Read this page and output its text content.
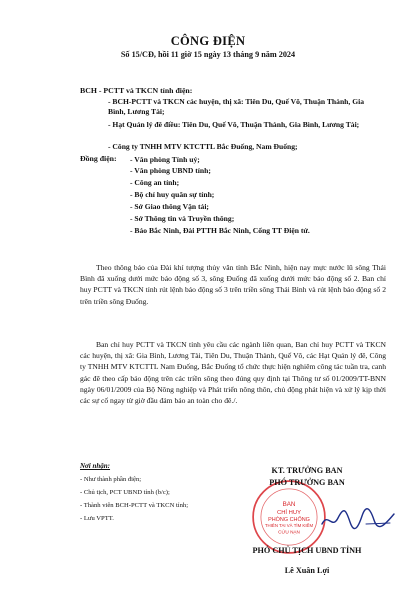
CÔNG ĐIỆN
Số 15/CĐ, hồi 11 giờ 15 ngày 13 tháng 9 năm 2024
BCH - PCTT và TKCN tỉnh điện:
- BCH-PCTT và TKCN các huyện, thị xã: Tiên Du, Quế Võ, Thuận Thành, Gia Bình, Lương Tài;
- Hạt Quản lý đê điều: Tiên Du, Quế Võ, Thuận Thành, Gia Bình, Lương Tài;
- Công ty TNHH MTV KTCTTL Bắc Đuống, Nam Đuống;
Đồng điện: - Văn phòng Tỉnh uỷ;
- Văn phòng UBND tỉnh;
- Công an tỉnh;
- Bộ chỉ huy quân sự tỉnh;
- Sở Giao thông Vận tải;
- Sở Thông tin và Truyền thông;
- Báo Bắc Ninh, Đài PTTH Bắc Ninh, Cổng TT Điện tử.
Theo thông báo của Đài khí tượng thủy văn tỉnh Bắc Ninh, hiện nay mực nước lũ sông Thái Bình đã xuống dưới mức báo động số 3, sông Đuống đã xuống dưới mức báo động số 2. Ban chỉ huy PCTT và TKCN tỉnh rút lệnh báo động số 3 trên triền sông Thái Bình và rút lệnh báo động số 2 trên triền sông Đuống.
Ban chỉ huy PCTT và TKCN tỉnh yêu cầu các ngành liên quan, Ban chỉ huy PCTT và TKCN các huyện, thị xã: Gia Bình, Lương Tài, Tiên Du, Thuận Thành, Quế Võ, các Hạt Quản lý đê, Công ty TNHH MTV KTCTTL Nam Đuống, Bắc Đuống tổ chức thực hiện nghiêm công tác tuần tra, canh gác đê theo cấp báo động trên các triền sông theo đúng quy định tại Thông tư số 01/2009/TT-BNN ngày 06/01/2009 của Bộ Nông nghiệp và Phát triển nông thôn, chủ động phát hiện và xử lý kịp thời các sự cố ngay từ giờ đầu đảm bảo an toàn cho đê./.
Nơi nhận:
- Như thành phần điện;
- Chủ tịch, PCT UBND tỉnh (b/c);
- Thành viên BCH-PCTT và TKCN tỉnh;
- Lưu VPTT.
BAN
CHỈ HUY
PHÒNG CHỐNG
THIÊN TAI VÀ TÌM KIẾM
CỨU NẠN
KT. TRƯỞNG BAN
PHÓ TRƯỞNG BAN
PHÓ CHỦ TỊCH UBND TỈNH
Lê Xuân Lợi
